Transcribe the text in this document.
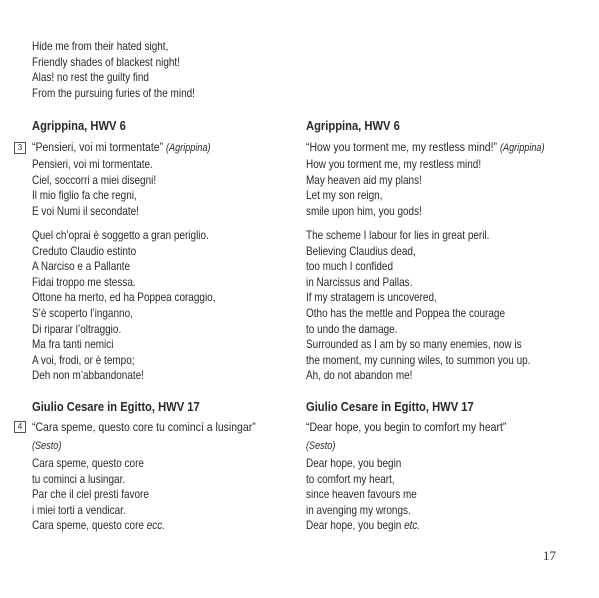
3
4
Hide me from their hated sight,
Friendly shades of blackest night!
Alas! no rest the guilty find
From the pursuing furies of the mind!
Agrippina, HWV 6
“Pensieri, voi mi tormentate” (Agrippina)
Pensieri, voi mi tormentate.
Ciel, soccorri a miei disegni!
Il mio figlio fa che regni,
E voi Numi il secondate!
Quel ch’oprai è soggetto a gran periglio.
Creduto Claudio estinto
A Narciso e a Pallante
Fidai troppo me stessa.
Ottone ha merto, ed ha Poppea coraggio,
S’è scoperto l’inganno,
Di riparar l’oltraggio.
Ma fra tanti nemici
A voi, frodi, or è tempo;
Deh non m’abbandonate!
Giulio Cesare in Egitto, HWV 17
“Cara speme, questo core tu comincí a lusingar”
(Sesto)
Cara speme, questo core
tu cominci a lusingar.
Par che il ciel presti favore
i miei torti a vendicar.
Cara speme, questo core ecc.
Agrippina, HWV 6
“How you torment me, my restless mind!” (Agrippina)
How you torment me, my restless mind!
May heaven aid my plans!
Let my son reign,
smile upon him, you gods!
The scheme I labour for lies in great peril.
Believing Claudius dead,
too much I confided
in Narcissus and Pallas.
If my stratagem is uncovered,
Otho has the mettle and Poppea the courage
to undo the damage.
Surrounded as I am by so many enemies, now is
the moment, my cunning wiles, to summon you up.
Ah, do not abandon me!
Giulio Cesare in Egitto, HWV 17
“Dear hope, you begin to comfort my heart”
(Sesto)
Dear hope, you begin
to comfort my heart,
since heaven favours me
in avenging my wrongs.
Dear hope, you begin etc.
17
